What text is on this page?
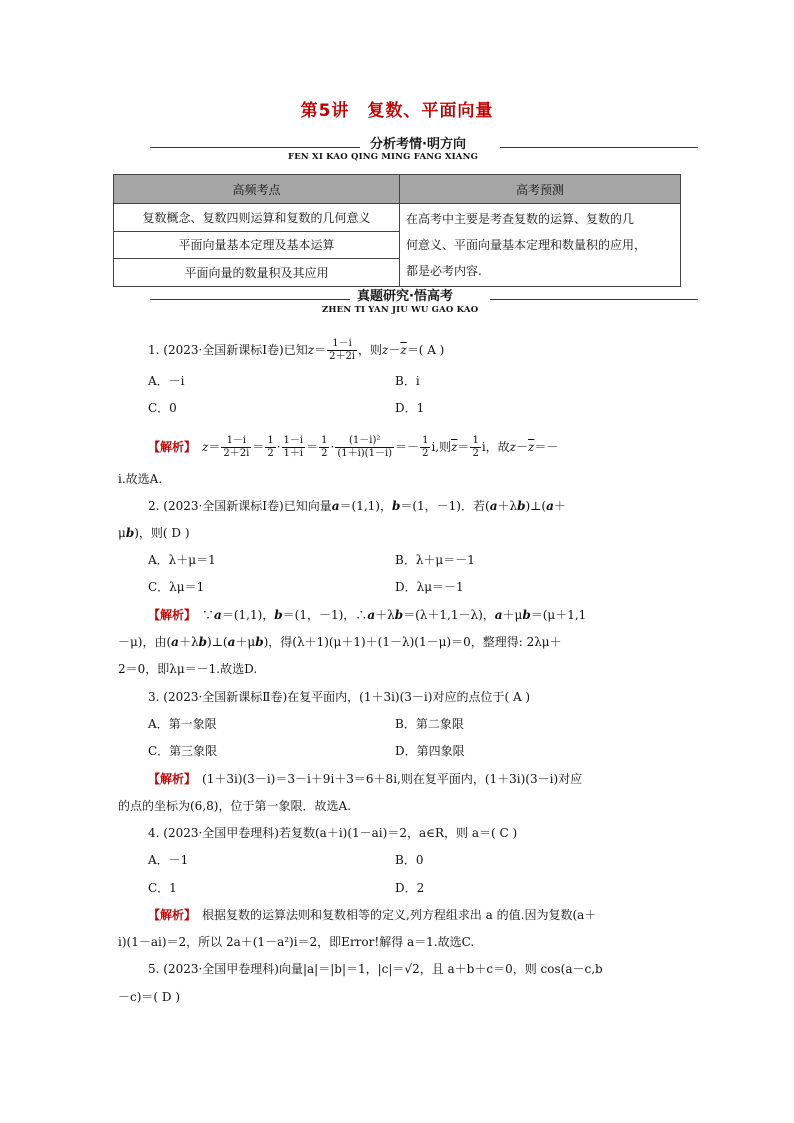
第5讲　复数、平面向量
分析考情·明方向
FEN XI KAO QING MING FANG XIANG
高频考点	高考预测
复数概念、复数四则运算和复数的几何意义	在高考中主要是考查复数的运算、复数的几
何意义、平面向量基本定理和数量积的应用，
都是必考内容.

平面向量基本定理及基本运算	
平面向量的数量积及其应用	
真题研究·悟高考
ZHEN TI YAN JIU WU GAO KAO
1. (2023·全国新课标Ⅰ卷)已知$z= \frac{1-i}{2+2i}$ ，则$z-\overline{z}=$( A )
A．－i	B．i
C．0	D．1
【解析】　 $z= \frac{1-i}{2+2i} = \frac{1}{2} \cdot \frac{1-i}{1+i} = \frac{1}{2} \cdot \frac{\text{(1－i)²}}{(1+i)(1-i)} =- \frac{1}{2} i$,则$\overline{z}= \frac{1}{2}$ i，故$z-\overline{z}=-$
i.故选A.
2. (2023·全国新课标Ⅰ卷)已知向量a＝(1,1)，b＝(1，－1)．若(a＋λb)⊥(a＋
μb)，则( D )
A．λ＋μ＝1	B．λ＋μ＝－1
C．λμ＝1	D．λμ＝－1
【解析】　 ∵a＝(1,1)，b＝(1，－1)，∴a＋λb＝(λ＋1,1－λ)，a＋μb＝(μ＋1,1
－μ)，由(a＋λb)⊥(a＋μb)，得(λ＋1)(μ＋1)＋(1－λ)(1－μ)＝0，整理得: 2λμ＋
2＝0，即λμ＝－1.故选D.
3. (2023·全国新课标Ⅱ卷)在复平面内，(1＋3i)(3－i)对应的点位于( A )
A．第一象限	B．第二象限
C．第三象限	D．第四象限
【解析】　 (1＋3i)(3－i)＝3－i＋9i＋3＝6＋8i,则在复平面内，(1＋3i)(3－i)对应
的点的坐标为(6,8)，位于第一象限．故选A.
4. (2023·全国甲卷理科)若复数(a＋i)(1－ai)＝2，a∈R，则 a＝( C )
A．－1	B．0
C．1	D．2
【解析】　 根据复数的运算法则和复数相等的定义,列方程组求出 a 的值.因为复数(a＋
i)(1－ai)＝2，所以 2a＋(1－a²)i＝2，即Error!解得 a＝1.故选C.
5. (2023·全国甲卷理科)向量|a|＝|b|＝1，|c|＝√2，且 a＋b＋c＝0，则 cos(a－c,b
－c)＝( D )
